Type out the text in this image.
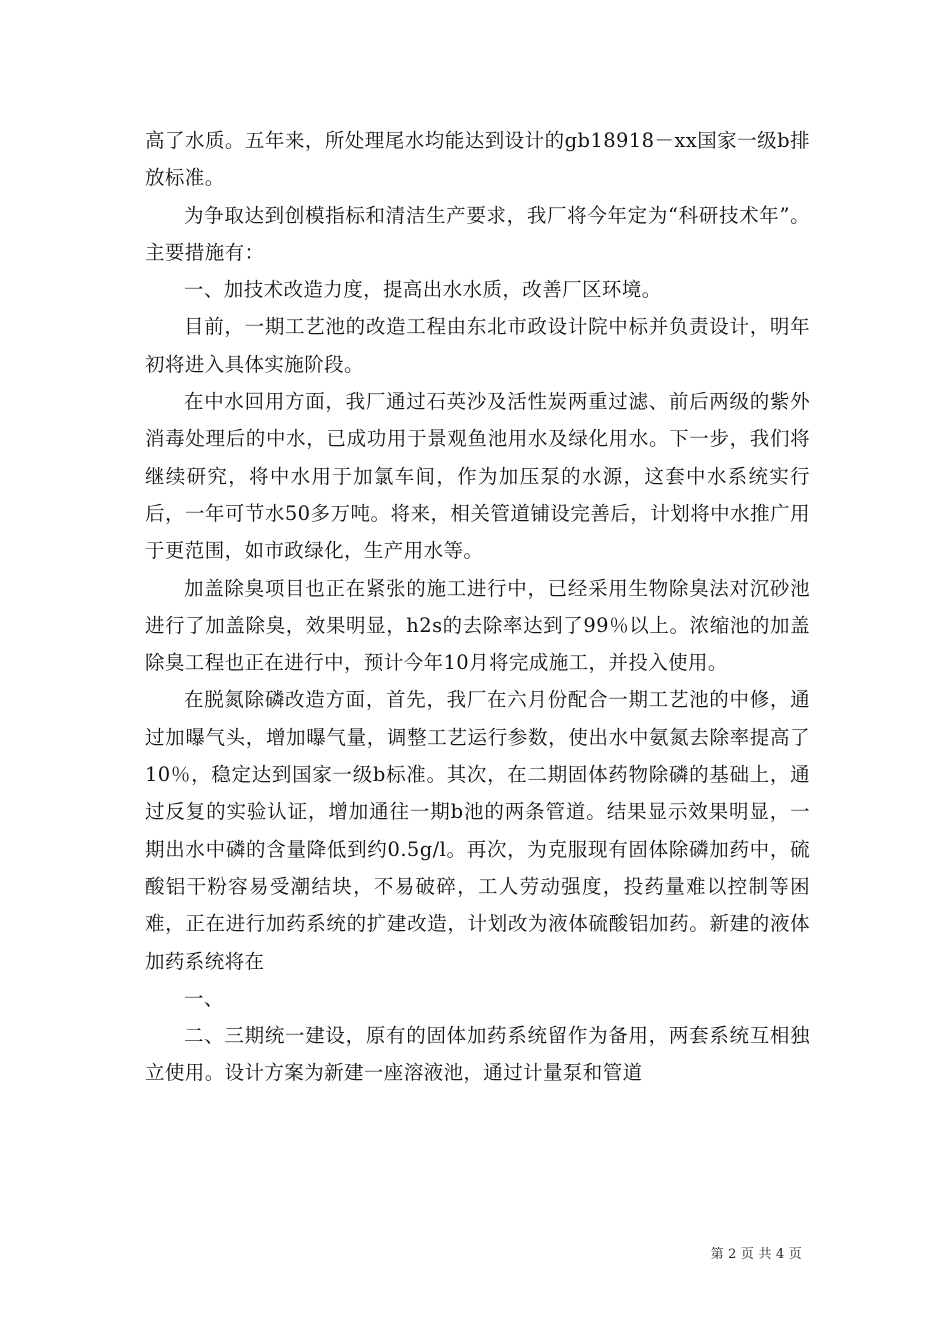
高了水质。五年来，所处理尾水均能达到设计的gb18918－xx国家一级b排放标准。

为争取达到创模指标和清洁生产要求，我厂将今年定为“科研技术年”。主要措施有：

一、加技术改造力度，提高出水水质，改善厂区环境。

目前，一期工艺池的改造工程由东北市政设计院中标并负责设计，明年初将进入具体实施阶段。

在中水回用方面，我厂通过石英沙及活性炭两重过滤、前后两级的紫外消毒处理后的中水，已成功用于景观鱼池用水及绿化用水。下一步，我们将继续研究，将中水用于加氯车间，作为加压泵的水源，这套中水系统实行后，一年可节水50多万吨。将来，相关管道铺设完善后，计划将中水推广用于更范围，如市政绿化，生产用水等。

加盖除臭项目也正在紧张的施工进行中，已经采用生物除臭法对沉砂池进行了加盖除臭，效果明显，h2s的去除率达到了99％以上。浓缩池的加盖除臭工程也正在进行中，预计今年10月将完成施工，并投入使用。

在脱氮除磷改造方面，首先，我厂在六月份配合一期工艺池的中修，通过加曝气头，增加曝气量，调整工艺运行参数，使出水中氨氮去除率提高了10％，稳定达到国家一级b标准。其次，在二期固体药物除磷的基础上，通过反复的实验认证，增加通往一期b池的两条管道。结果显示效果明显，一期出水中磷的含量降低到约0.5g/l。再次，为克服现有固体除磷加药中，硫酸铝干粉容易受潮结块，不易破碎，工人劳动强度，投药量难以控制等困难，正在进行加药系统的扩建改造，计划改为液体硫酸铝加药。新建的液体加药系统将在

一、

二、三期统一建设，原有的固体加药系统留作为备用，两套系统互相独立使用。设计方案为新建一座溶液池，通过计量泵和管道

第 2 页 共 4 页
